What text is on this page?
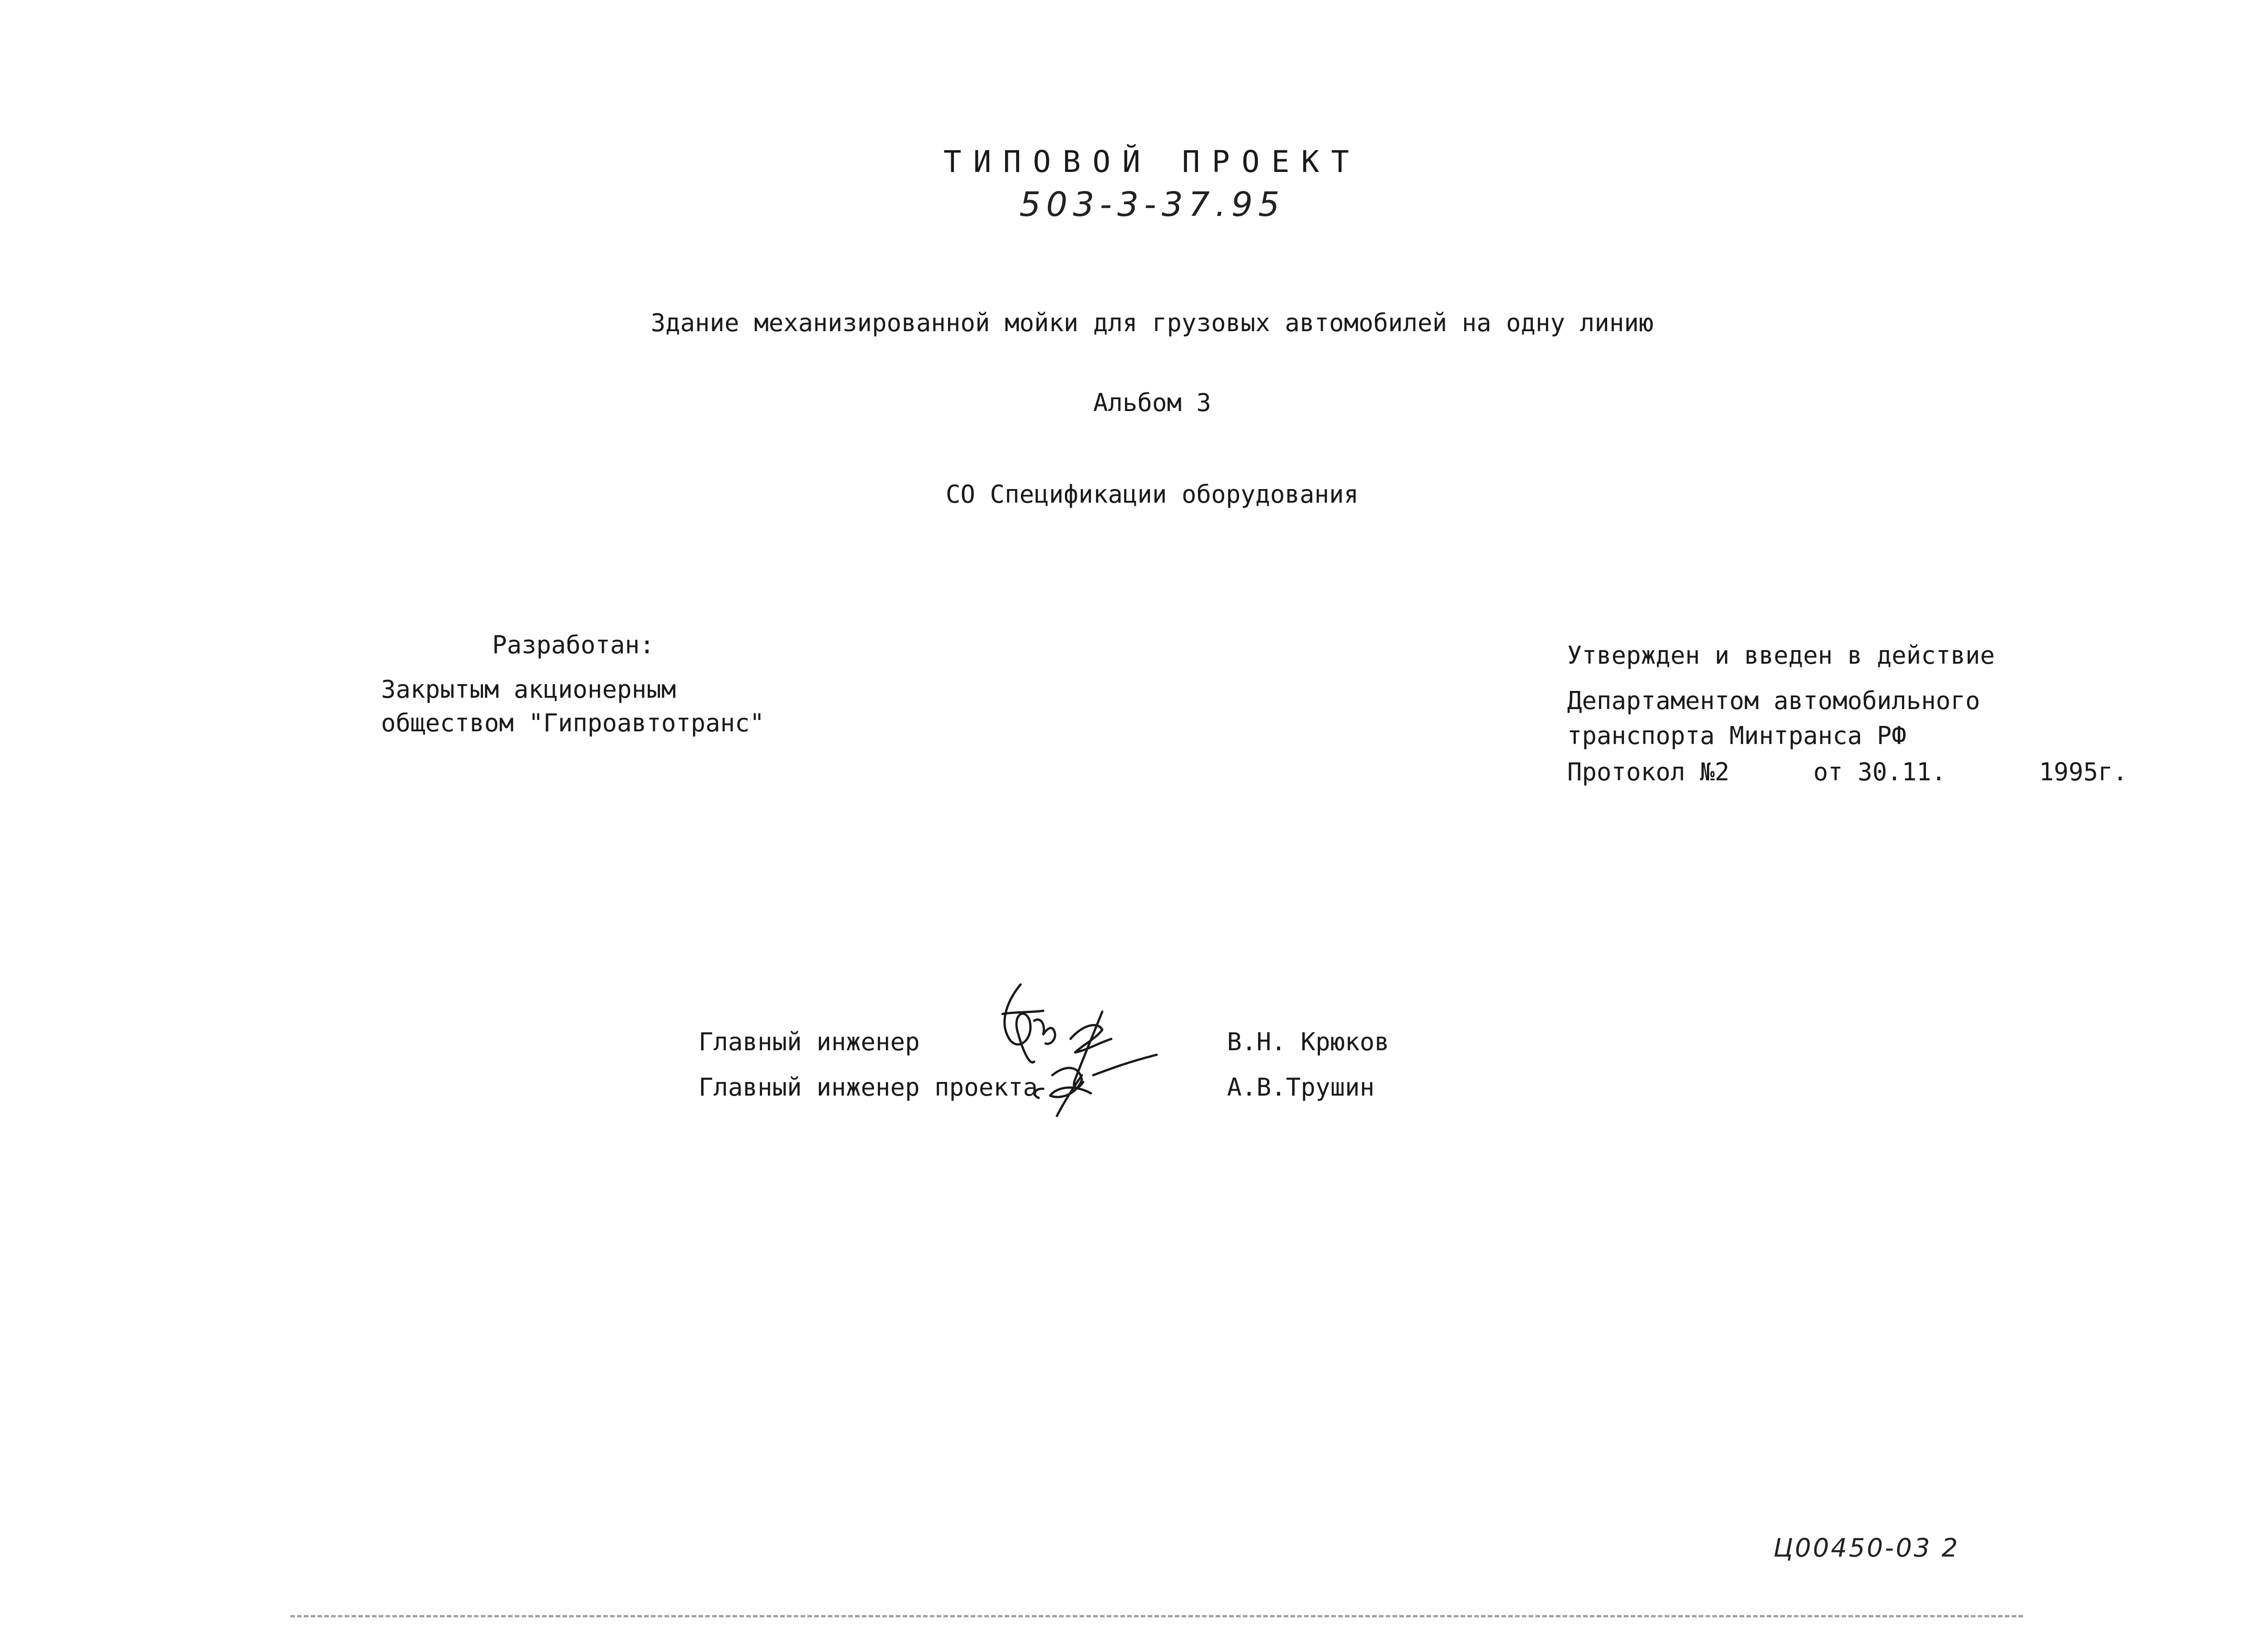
ТИПОВОЙ ПРОЕКТ
503-3-37.95
Здание механизированной мойки для грузовых автомобилей на одну линию
Альбом 3
СО Спецификации оборудования
Разработан:
Закрытым акционерным
обществом "Гипроавтотранс"
Утвержден и введен в действие
Департаментом автомобильного
транспорта Минтранса РФ
Протокол №2	от 30.11.	1995г.
Главный инженер
Главный инженер проекта
В.Н. Крюков
А.В.Трушин
Ц00450-03 2
